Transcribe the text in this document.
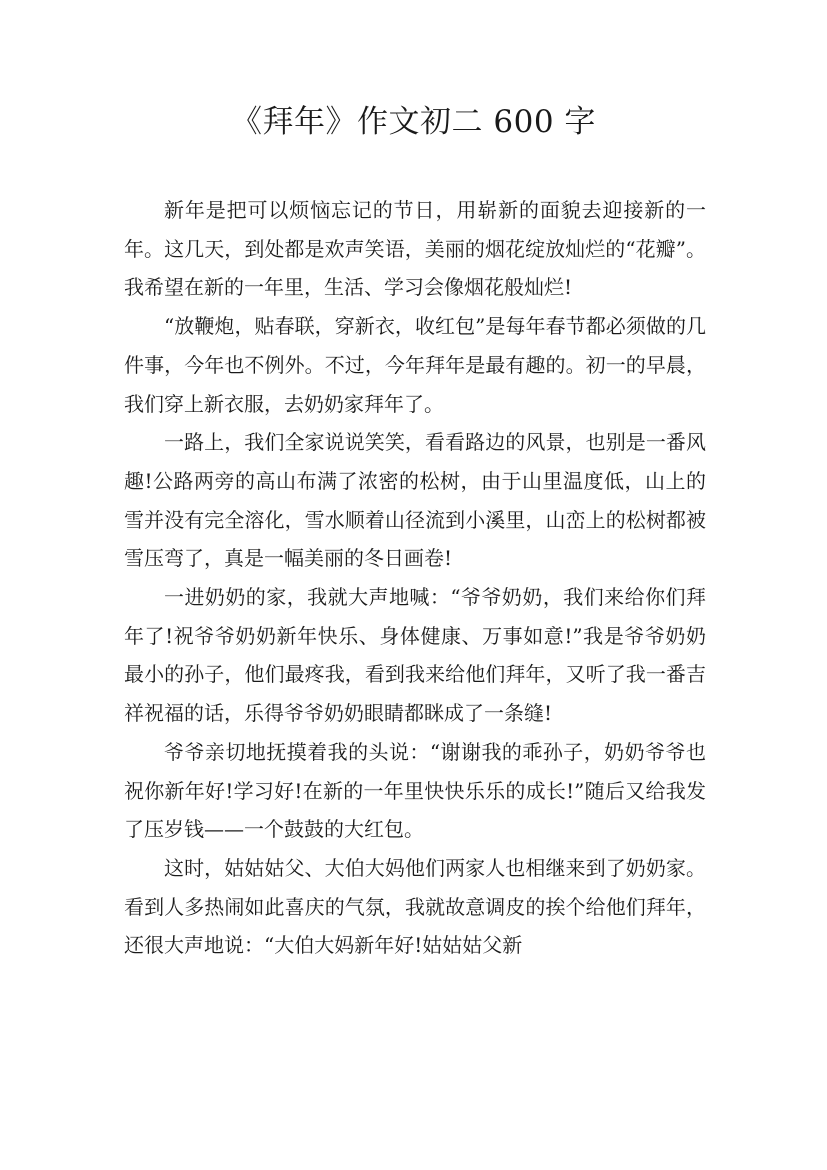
《拜年》作文初二 600 字

新年是把可以烦恼忘记的节日，用崭新的面貌去迎接新的一年。这几天，到处都是欢声笑语，美丽的烟花绽放灿烂的“花瓣”。我希望在新的一年里，生活、学习会像烟花般灿烂!

“放鞭炮，贴春联，穿新衣，收红包”是每年春节都必须做的几件事，今年也不例外。不过，今年拜年是最有趣的。初一的早晨，我们穿上新衣服，去奶奶家拜年了。

一路上，我们全家说说笑笑，看看路边的风景，也别是一番风趣!公路两旁的高山布满了浓密的松树，由于山里温度低，山上的雪并没有完全溶化，雪水顺着山径流到小溪里，山峦上的松树都被雪压弯了，真是一幅美丽的冬日画卷!

一进奶奶的家，我就大声地喊：“爷爷奶奶，我们来给你们拜年了!祝爷爷奶奶新年快乐、身体健康、万事如意!”我是爷爷奶奶最小的孙子，他们最疼我，看到我来给他们拜年，又听了我一番吉祥祝福的话，乐得爷爷奶奶眼睛都眯成了一条缝!

爷爷亲切地抚摸着我的头说：“谢谢我的乖孙子，奶奶爷爷也祝你新年好!学习好!在新的一年里快快乐乐的成长!”随后又给我发了压岁钱——一个鼓鼓的大红包。

这时，姑姑姑父、大伯大妈他们两家人也相继来到了奶奶家。看到人多热闹如此喜庆的气氛，我就故意调皮的挨个给他们拜年，还很大声地说：“大伯大妈新年好!姑姑姑父新
